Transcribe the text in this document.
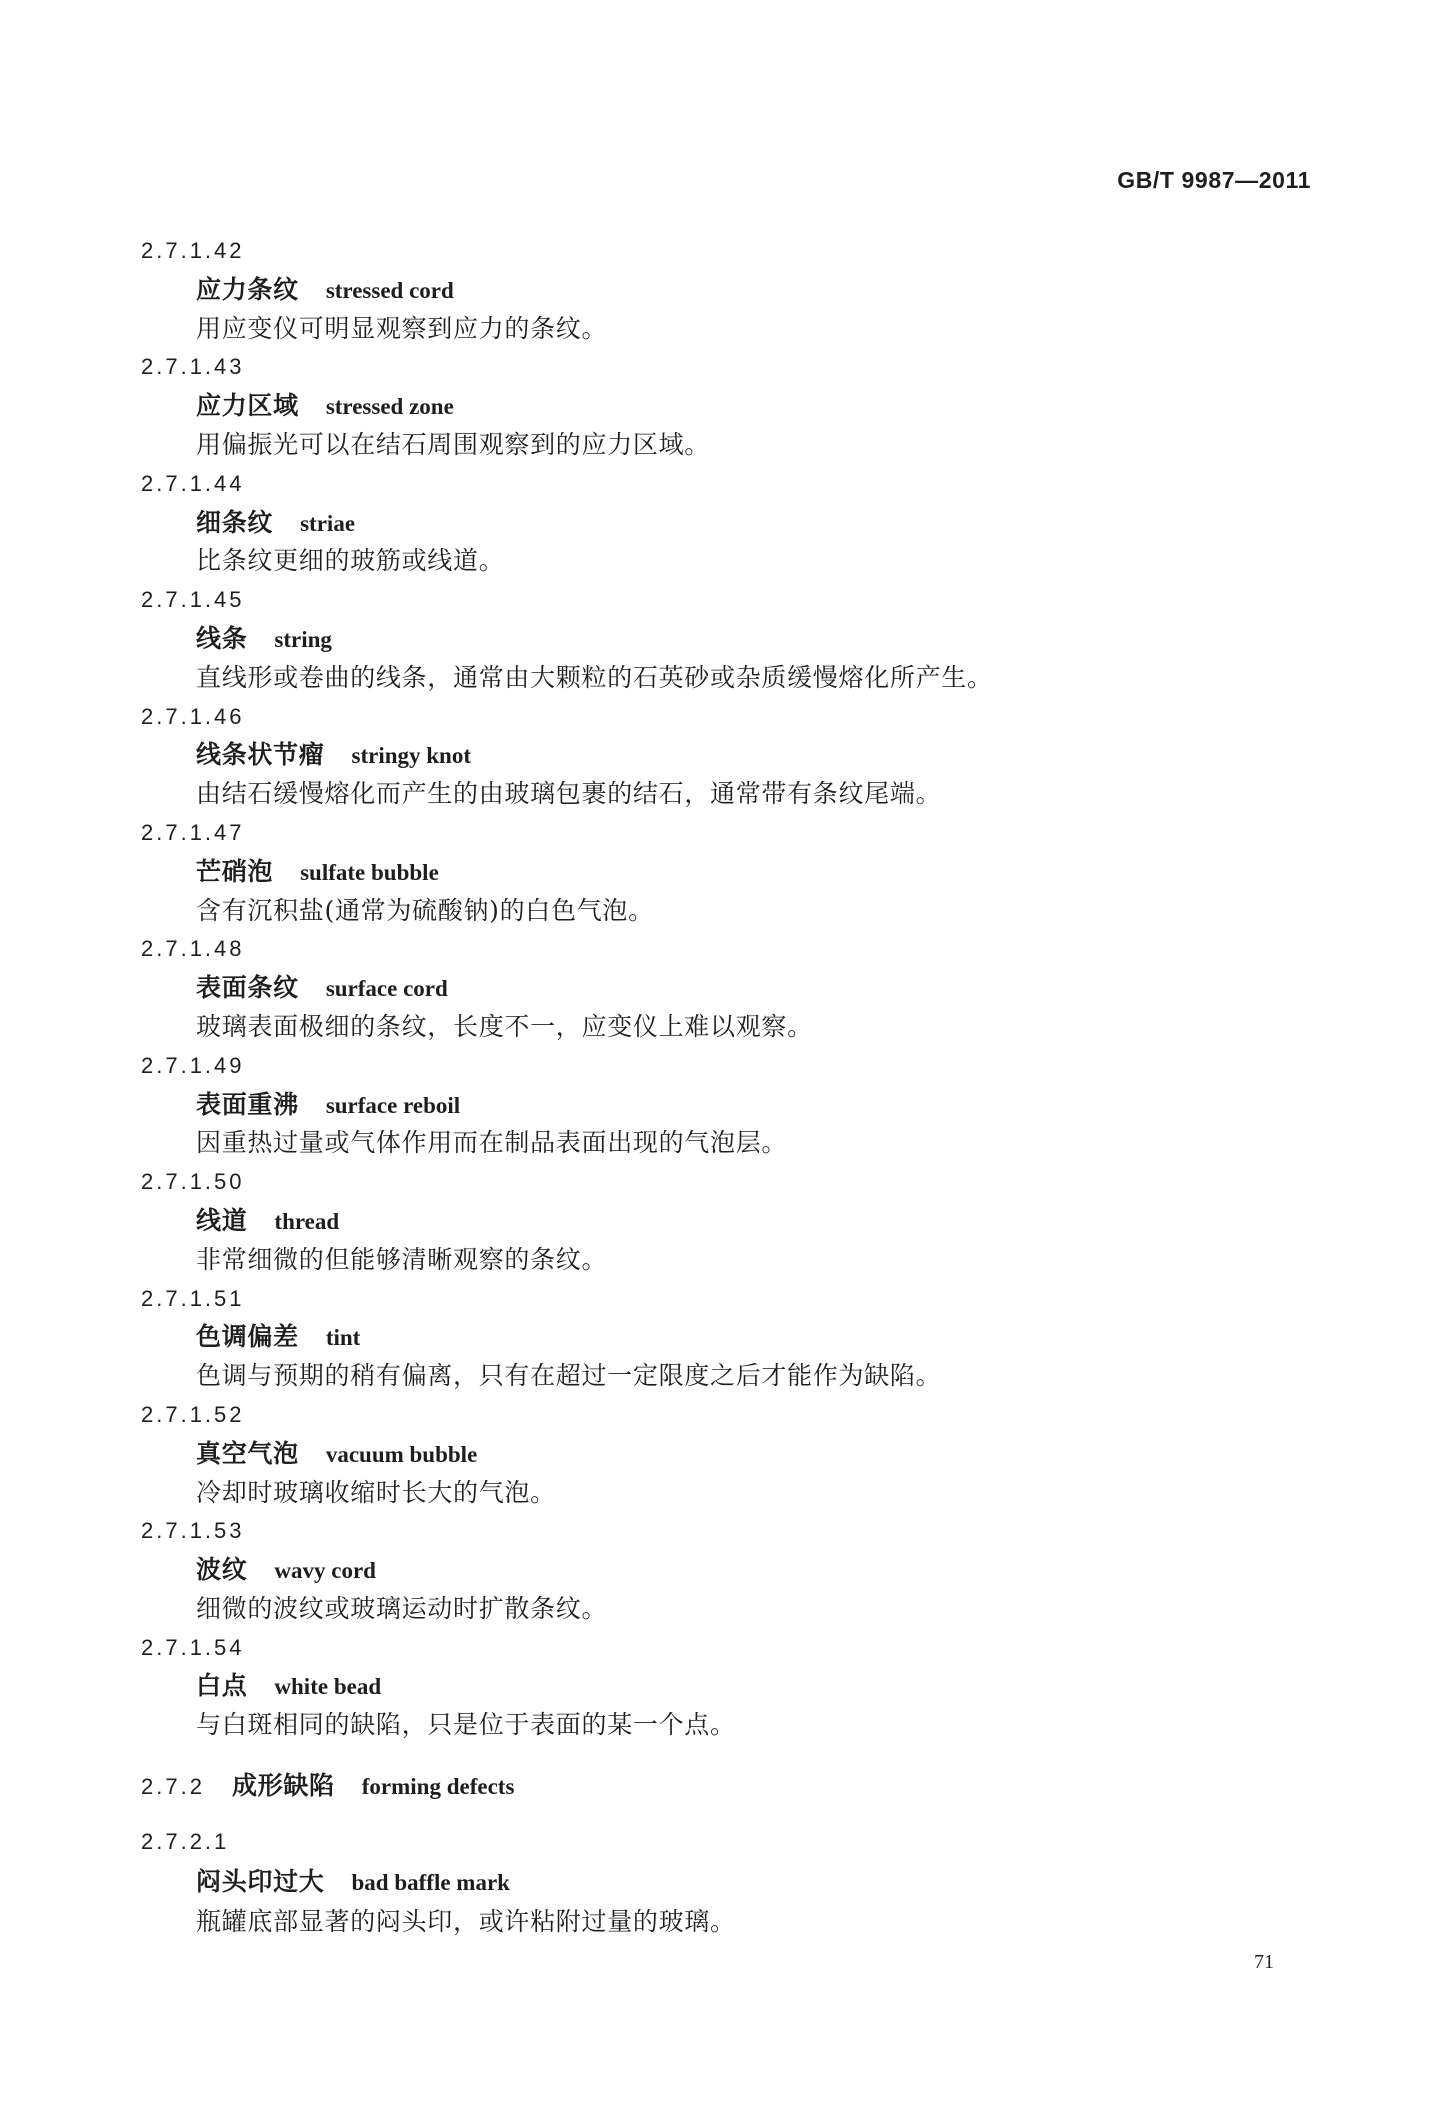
GB/T 9987—2011
2.7.1.42
应力条纹 stressed cord
用应变仪可明显观察到应力的条纹。
2.7.1.43
应力区域 stressed zone
用偏振光可以在结石周围观察到的应力区域。
2.7.1.44
细条纹 striae
比条纹更细的玻筋或线道。
2.7.1.45
线条 string
直线形或卷曲的线条，通常由大颗粒的石英砂或杂质缓慢熔化所产生。
2.7.1.46
线条状节瘤 stringy knot
由结石缓慢熔化而产生的由玻璃包裹的结石，通常带有条纹尾端。
2.7.1.47
芒硝泡 sulfate bubble
含有沉积盐(通常为硫酸钠)的白色气泡。
2.7.1.48
表面条纹 surface cord
玻璃表面极细的条纹，长度不一，应变仪上难以观察。
2.7.1.49
表面重沸 surface reboil
因重热过量或气体作用而在制品表面出现的气泡层。
2.7.1.50
线道 thread
非常细微的但能够清晰观察的条纹。
2.7.1.51
色调偏差 tint
色调与预期的稍有偏离，只有在超过一定限度之后才能作为缺陷。
2.7.1.52
真空气泡 vacuum bubble
冷却时玻璃收缩时长大的气泡。
2.7.1.53
波纹 wavy cord
细微的波纹或玻璃运动时扩散条纹。
2.7.1.54
白点 white bead
与白斑相同的缺陷，只是位于表面的某一个点。
2.7.2 成形缺陷 forming defects
2.7.2.1
闷头印过大 bad baffle mark
瓶罐底部显著的闷头印，或许粘附过量的玻璃。
71
